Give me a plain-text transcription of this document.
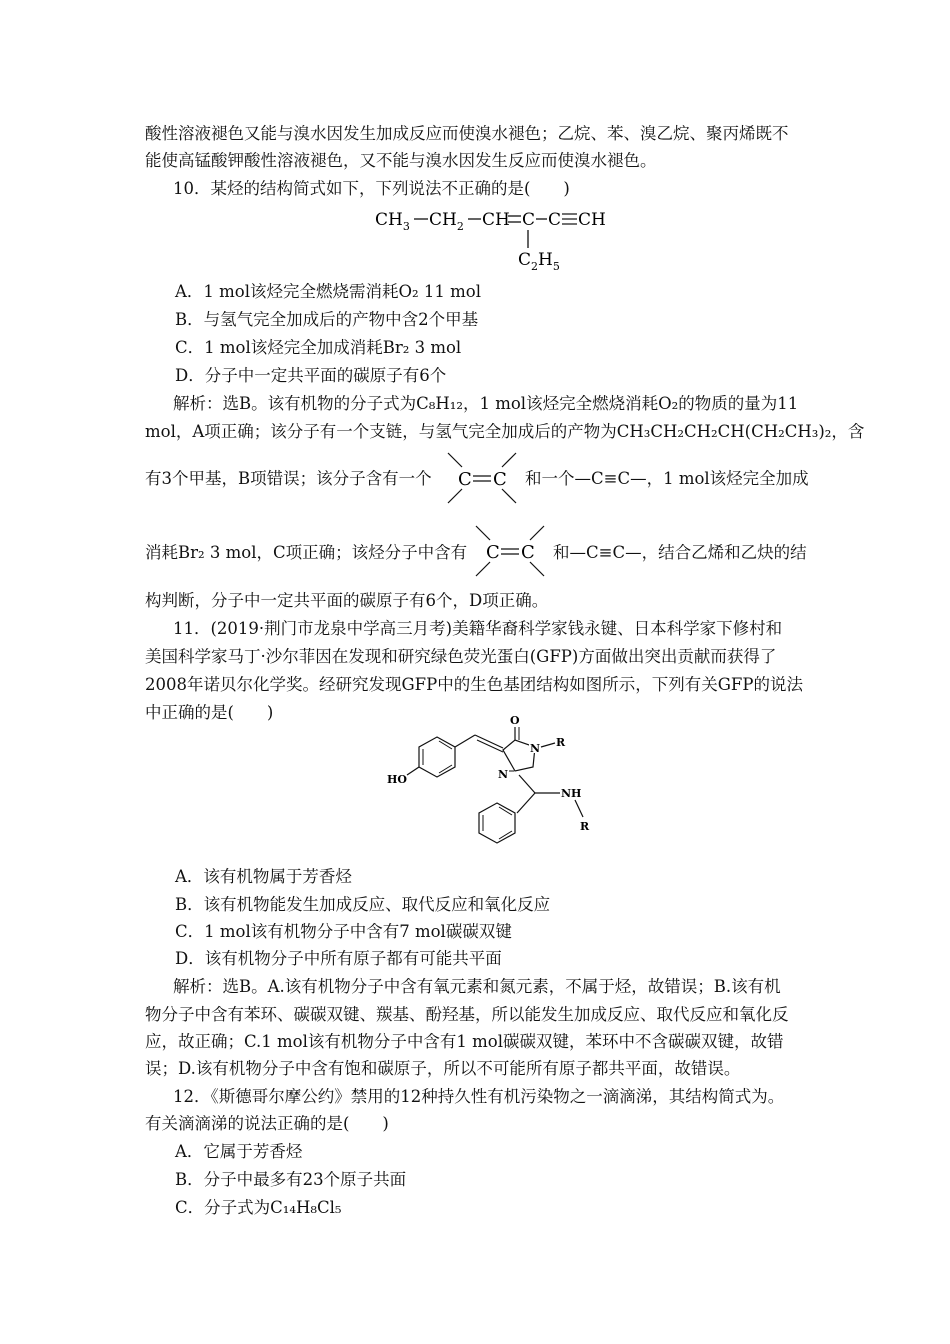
酸性溶液褪色又能与溴水因发生加成反应而使溴水褪色；乙烷、苯、溴乙烷、聚丙烯既不
能使高锰酸钾酸性溶液褪色，又不能与溴水因发生反应而使溴水褪色。
10．某烃的结构简式如下，下列说法不正确的是(　　)
$CH_3$ $CH_2$ CH C C CH
$C_2H_5$
A．1 mol该烃完全燃烧需消耗O₂ 11 mol
B．与氢气完全加成后的产物中含2个甲基
C．1 mol该烃完全加成消耗Br₂ 3 mol
D．分子中一定共平面的碳原子有6个
解析：选B。该有机物的分子式为C₈H₁₂，1 mol该烃完全燃烧消耗O₂的物质的量为11
mol，A项正确；该分子有一个支链，与氢气完全加成后的产物为CH₃CH₂CH₂CH(CH₂CH₃)₂，含
有3个甲基，B项错误；该分子含有一个 C C 和一个—C≡C—，1 mol该烃完全加成
消耗Br₂ 3 mol，C项正确；该烃分子中含有 C C 和—C≡C—，结合乙烯和乙炔的结
构判断，分子中一定共平面的碳原子有6个，D项正确。
11．(2019·荆门市龙泉中学高三月考)美籍华裔科学家钱永键、日本科学家下修村和
美国科学家马丁·沙尔菲因在发现和研究绿色荧光蛋白(GFP)方面做出突出贡献而获得了
2008年诺贝尔化学奖。经研究发现GFP中的生色基团结构如图所示，下列有关GFP的说法
中正确的是(　　)
HO
O
N R
N
NH
R
A．该有机物属于芳香烃
B．该有机物能发生加成反应、取代反应和氧化反应
C．1 mol该有机物分子中含有7 mol碳碳双键
D．该有机物分子中所有原子都有可能共平面
解析：选B。A.该有机物分子中含有氧元素和氮元素，不属于烃，故错误；B.该有机
物分子中含有苯环、碳碳双键、羰基、酚羟基，所以能发生加成反应、取代反应和氧化反
应，故正确；C.1 mol该有机物分子中含有1 mol碳碳双键，苯环中不含碳碳双键，故错
误；D.该有机物分子中含有饱和碳原子，所以不可能所有原子都共平面，故错误。
12．《斯德哥尔摩公约》禁用的12种持久性有机污染物之一滴滴涕，其结构简式为。
有关滴滴涕的说法正确的是(　　)
A．它属于芳香烃
B．分子中最多有23个原子共面
C．分子式为C₁₄H₈Cl₅
